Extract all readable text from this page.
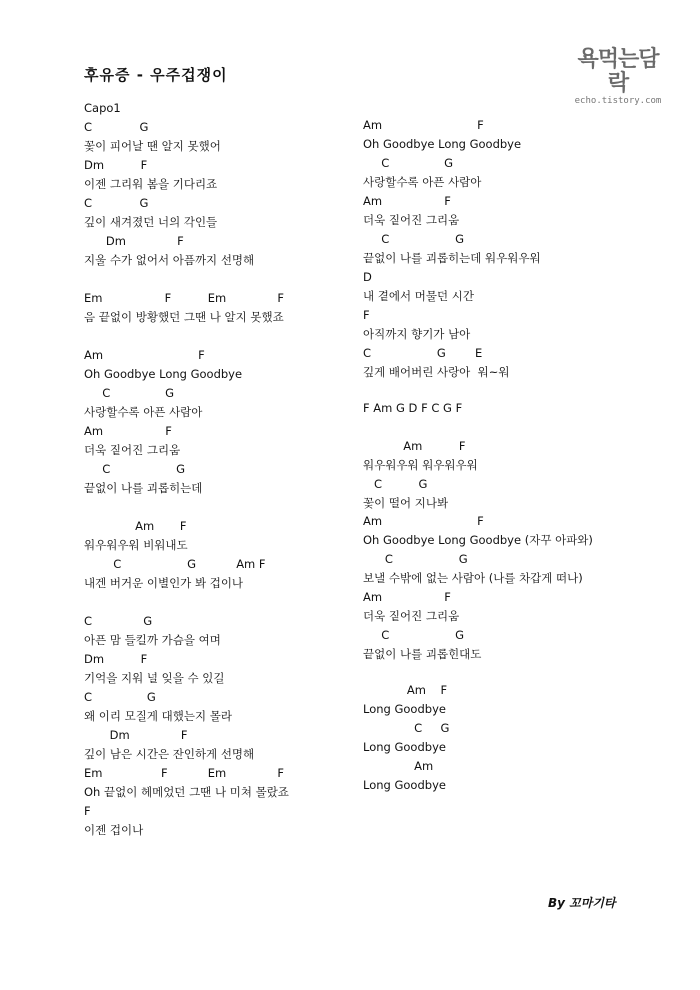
후유증 - 우주겁쟁이
욕먹는담락
echo.tistory.com
Capo1
C             G
꽃이 피어날 땐 알지 못했어
Dm          F
이젠 그리워 봄을 기다리죠
C             G
깊이 새겨졌던 너의 각인들
Dm              F
지울 수가 없어서 아픔까지 선명해
Em                 F          Em              F
음 끝없이 방황했던 그땐 나 알지 못했죠
Am                          F
Oh Goodbye Long Goodbye
C               G
사랑할수록 아픈 사람아
Am                 F
더욱 짙어진 그리움
C                  G
끝없이 나를 괴롭히는데
Am       F
워우워우워 비워내도
C                  G           Am F
내겐 버거운 이별인가 봐 겁이나
C              G
아픈 맘 들킬까 가슴을 여며
Dm          F
기억을 지워 널 잊을 수 있길
C               G
왜 이리 모질게 대했는지 몰라
Dm              F
깊이 남은 시간은 잔인하게 선명해
Em                F           Em              F
Oh 끝없이 헤메었던 그땐 나 미쳐 몰랐죠
F
이젠 겁이나
Am                          F
Oh Goodbye Long Goodbye
C               G
사랑할수록 아픈 사람아
Am                 F
더욱 짙어진 그리움
C                  G
끝없이 나를 괴롭히는데 워우워우워
D
내 곁에서 머물던 시간
F
아직까지 향기가 남아
C                  G        E
깊게 배어버린 사랑아  워~워
F Am G D F C G F
Am          F
워우워우워 워우워우워
C          G
꽃이 떨어 지나봐
Am                          F
Oh Goodbye Long Goodbye (자꾸 아파와)
C                  G
보낼 수밖에 없는 사람아 (나를 차갑게 떠나)
Am                 F
더욱 짙어진 그리움
C                  G
끝없이 나를 괴롭힌대도
Am    F
Long Goodbye
C     G
Long Goodbye
Am
Long Goodbye
By 꼬마기타
